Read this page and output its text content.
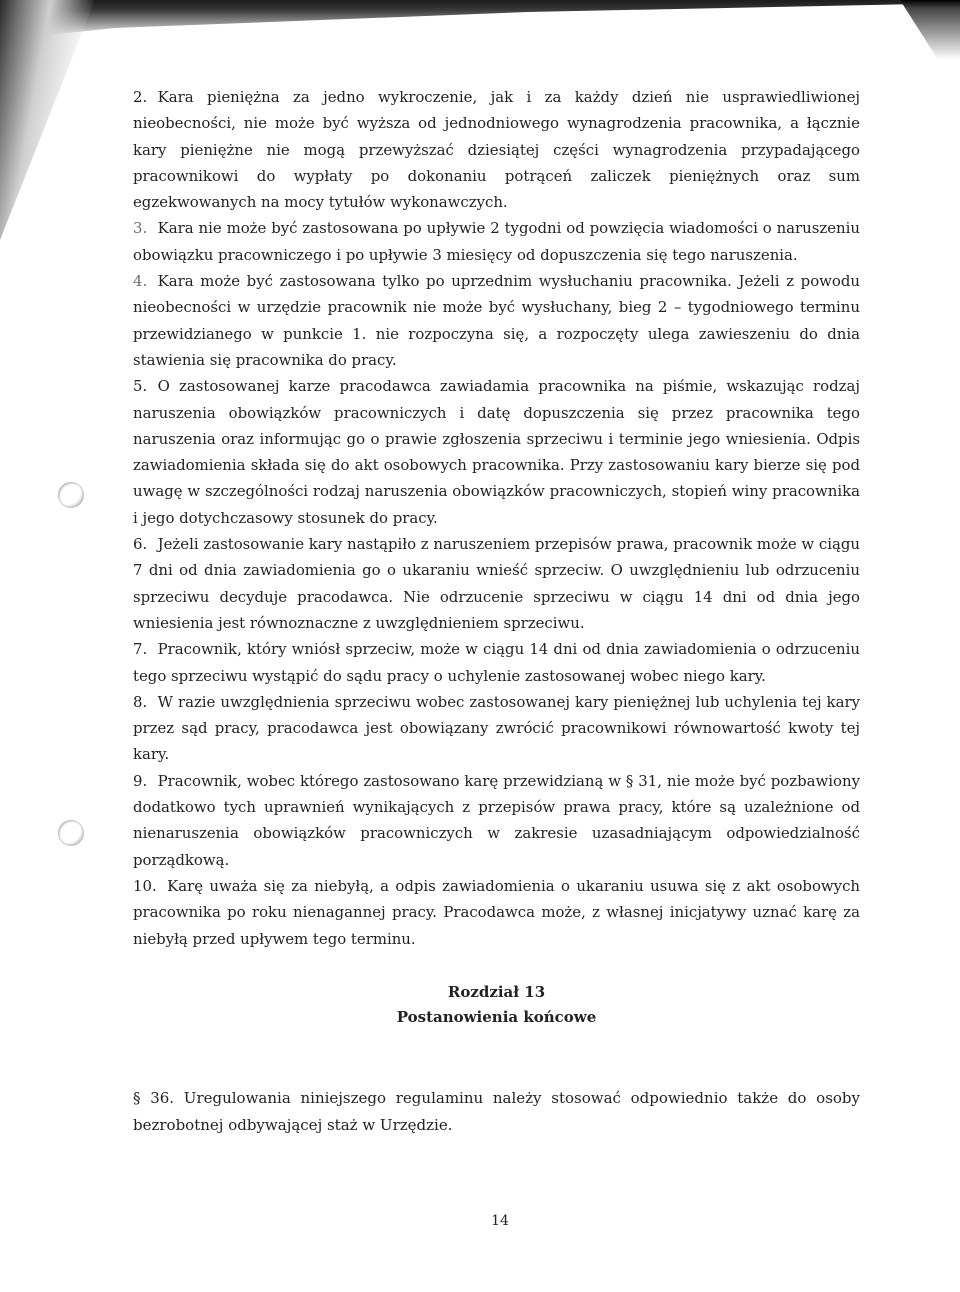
2. Kara pieniężna za jedno wykroczenie, jak i za każdy dzień nie usprawiedliwionej nieobecności, nie może być wyższa od jednodniowego wynagrodzenia pracownika, a łącznie kary pieniężne nie mogą przewyższać dziesiątej części wynagrodzenia przypadającego pracownikowi do wypłaty po dokonaniu potrąceń zaliczek pieniężnych oraz sum egzekwowanych na mocy tytułów wykonawczych.

3. Kara nie może być zastosowana po upływie 2 tygodni od powzięcia wiadomości o naruszeniu obowiązku pracowniczego i po upływie 3 miesięcy od dopuszczenia się tego naruszenia.

4. Kara może być zastosowana tylko po uprzednim wysłuchaniu pracownika. Jeżeli z powodu nieobecności w urzędzie pracownik nie może być wysłuchany, bieg 2 – tygodniowego terminu przewidzianego w punkcie 1. nie rozpoczyna się, a rozpoczęty ulega zawieszeniu do dnia stawienia się pracownika do pracy.

5. O zastosowanej karze pracodawca zawiadamia pracownika na piśmie, wskazując rodzaj naruszenia obowiązków pracowniczych i datę dopuszczenia się przez pracownika tego naruszenia oraz informując go o prawie zgłoszenia sprzeciwu i terminie jego wniesienia. Odpis zawiadomienia składa się do akt osobowych pracownika. Przy zastosowaniu kary bierze się pod uwagę w szczególności rodzaj naruszenia obowiązków pracowniczych, stopień winy pracownika i jego dotychczasowy stosunek do pracy.

6. Jeżeli zastosowanie kary nastąpiło z naruszeniem przepisów prawa, pracownik może w ciągu 7 dni od dnia zawiadomienia go o ukaraniu wnieść sprzeciw. O uwzględnieniu lub odrzuceniu sprzeciwu decyduje pracodawca. Nie odrzucenie sprzeciwu w ciągu 14 dni od dnia jego wniesienia jest równoznaczne z uwzględnieniem sprzeciwu.

7. Pracownik, który wniósł sprzeciw, może w ciągu 14 dni od dnia zawiadomienia o odrzuceniu tego sprzeciwu wystąpić do sądu pracy o uchylenie zastosowanej wobec niego kary.

8. W razie uwzględnienia sprzeciwu wobec zastosowanej kary pieniężnej lub uchylenia tej kary przez sąd pracy, pracodawca jest obowiązany zwrócić pracownikowi równowartość kwoty tej kary.

9. Pracownik, wobec którego zastosowano karę przewidzianą w § 31, nie może być pozbawiony dodatkowo tych uprawnień wynikających z przepisów prawa pracy, które są uzależnione od nienaruszenia obowiązków pracowniczych w zakresie uzasadniającym odpowiedzialność porządkową.

10. Karę uważa się za niebyłą, a odpis zawiadomienia o ukaraniu usuwa się z akt osobowych pracownika po roku nienagannej pracy. Pracodawca może, z własnej inicjatywy uznać karę za niebyłą przed upływem tego terminu.

Rozdział 13
Postanowienia końcowe
§ 36. Uregulowania niniejszego regulaminu należy stosować odpowiednio także do osoby bezrobotnej odbywającej staż w Urzędzie.
14
